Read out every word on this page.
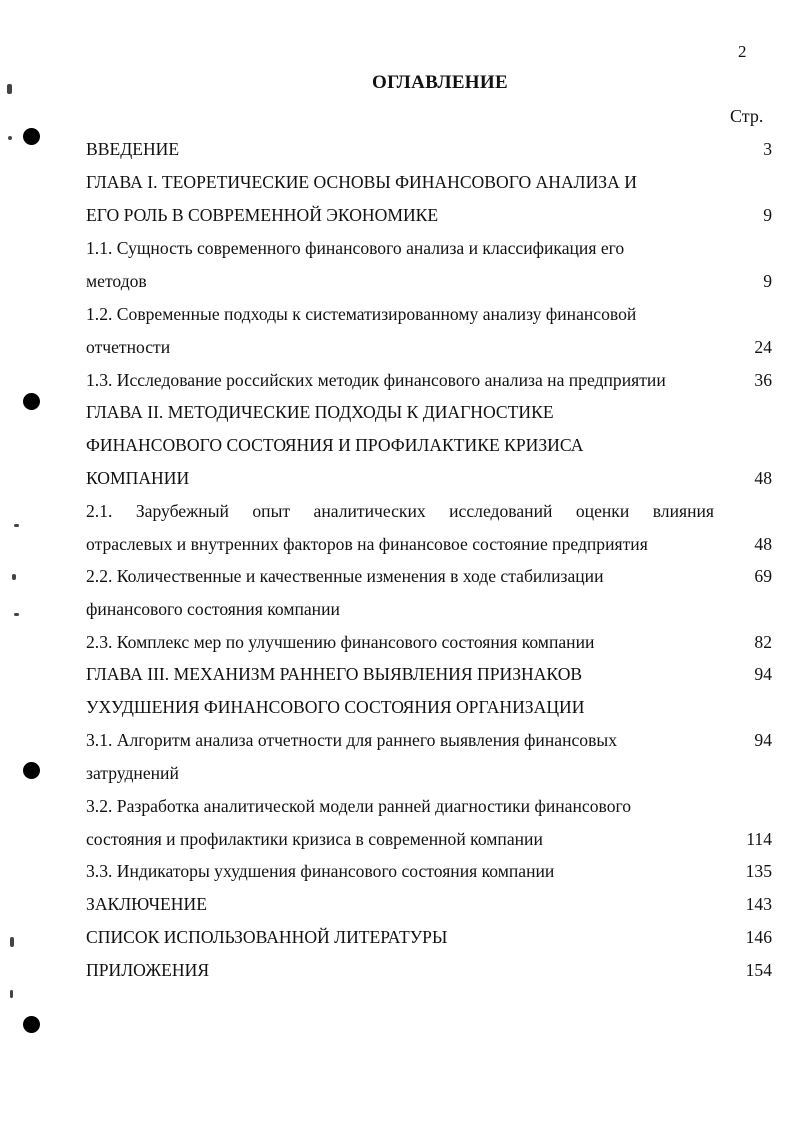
2
ОГЛАВЛЕНИЕ
Стр.
ВВЕДЕНИЕ	3
ГЛАВА I. ТЕОРЕТИЧЕСКИЕ ОСНОВЫ ФИНАНСОВОГО АНАЛИЗА И
ЕГО РОЛЬ В СОВРЕМЕННОЙ ЭКОНОМИКЕ	9
1.1. Сущность современного финансового анализа и классификация его
методов	9
1.2. Современные подходы к систематизированному анализу финансовой
отчетности	24
1.3. Исследование российских методик финансового анализа на предприятии	36
ГЛАВА II. МЕТОДИЧЕСКИЕ ПОДХОДЫ К ДИАГНОСТИКЕ
ФИНАНСОВОГО СОСТОЯНИЯ И ПРОФИЛАКТИКЕ КРИЗИСА
КОМПАНИИ	48
2.1. Зарубежный опыт аналитических исследований оценки влияния
отраслевых и внутренних факторов на финансовое состояние предприятия	48
2.2. Количественные и качественные изменения в ходе стабилизации	69
финансового состояния компании
2.3. Комплекс мер по улучшению финансового состояния компании	82
ГЛАВА III. МЕХАНИЗМ РАННЕГО ВЫЯВЛЕНИЯ ПРИЗНАКОВ	94
УХУДШЕНИЯ ФИНАНСОВОГО СОСТОЯНИЯ ОРГАНИЗАЦИИ
3.1. Алгоритм анализа отчетности для раннего выявления финансовых	94
затруднений
3.2. Разработка аналитической модели ранней диагностики финансового
состояния и профилактики кризиса в современной компании	114
3.3. Индикаторы ухудшения финансового состояния компании	135
ЗАКЛЮЧЕНИЕ	143
СПИСОК ИСПОЛЬЗОВАННОЙ ЛИТЕРАТУРЫ	146
ПРИЛОЖЕНИЯ	154
